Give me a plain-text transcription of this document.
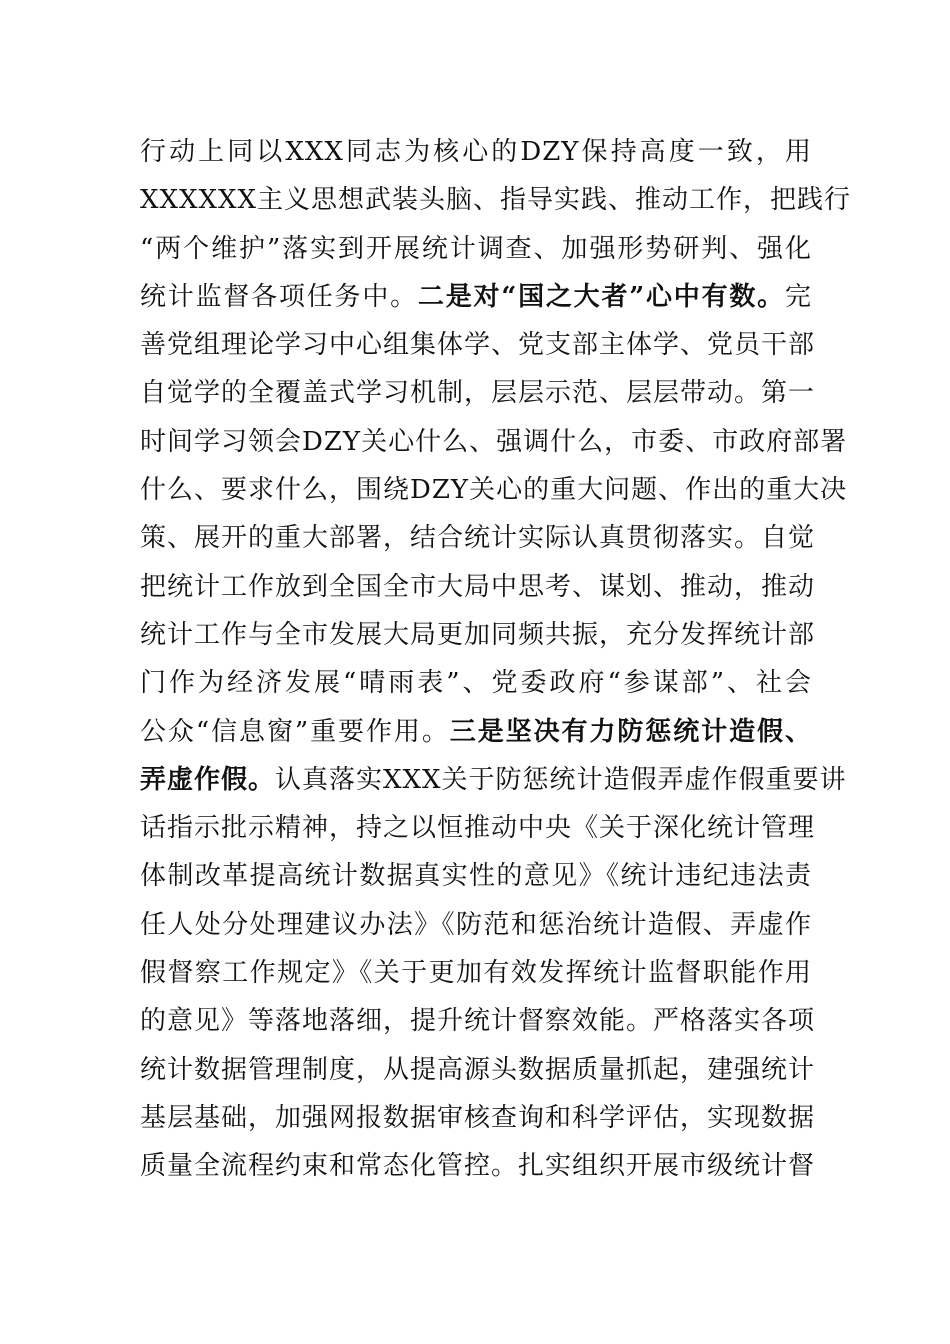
行动上同以XXX同志为核心的DZY保持高度一致，用
XXXXXX主义思想武装头脑、指导实践、推动工作，把践行
“两个维护”落实到开展统计调查、加强形势研判、强化
统计监督各项任务中。二是对“国之大者”心中有数。完
善党组理论学习中心组集体学、党支部主体学、党员干部
自觉学的全覆盖式学习机制，层层示范、层层带动。第一
时间学习领会DZY关心什么、强调什么，市委、市政府部署
什么、要求什么，围绕DZY关心的重大问题、作出的重大决
策、展开的重大部署，结合统计实际认真贯彻落实。自觉
把统计工作放到全国全市大局中思考、谋划、推动，推动
统计工作与全市发展大局更加同频共振，充分发挥统计部
门作为经济发展“晴雨表”、党委政府“参谋部”、社会
公众“信息窗”重要作用。三是坚决有力防惩统计造假、
弄虚作假。认真落实XXX关于防惩统计造假弄虚作假重要讲
话指示批示精神，持之以恒推动中央《关于深化统计管理
体制改革提高统计数据真实性的意见》《统计违纪违法责
任人处分处理建议办法》《防范和惩治统计造假、弄虚作
假督察工作规定》《关于更加有效发挥统计监督职能作用
的意见》等落地落细，提升统计督察效能。严格落实各项
统计数据管理制度，从提高源头数据质量抓起，建强统计
基层基础，加强网报数据审核查询和科学评估，实现数据
质量全流程约束和常态化管控。扎实组织开展市级统计督
